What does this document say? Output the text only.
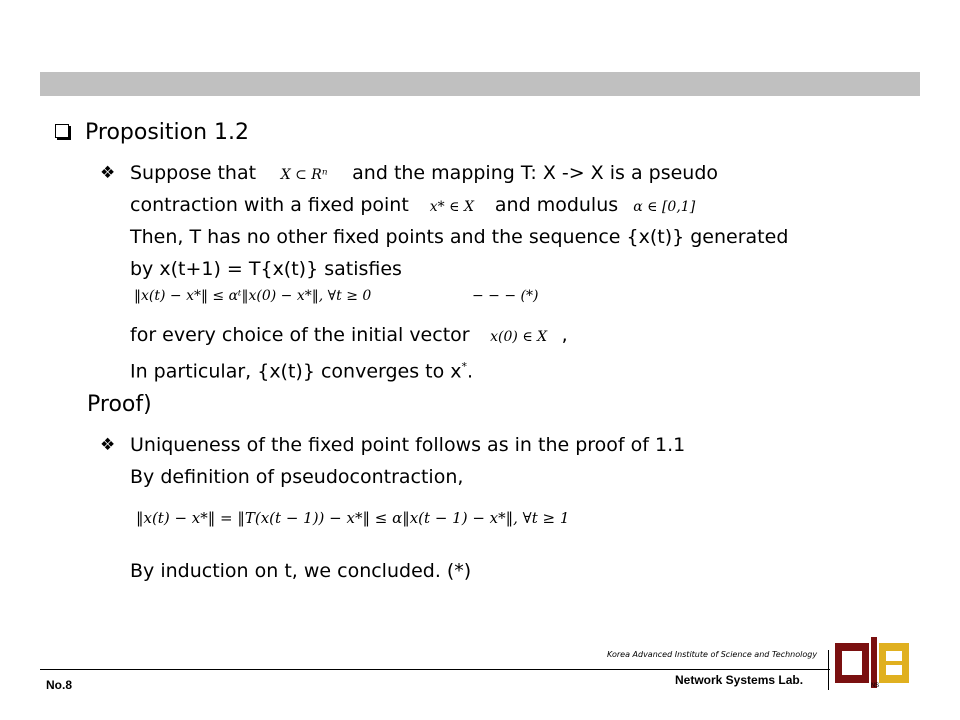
Proposition 1.2
❖ Suppose that X ⊂ Rⁿ and the mapping T: X -> X is a pseudo
contraction with a fixed point x* ∈ X and modulus α ∈ [0,1]
Then, T has no other fixed points and the sequence {x(t)} generated
by x(t+1) = T{x(t)} satisfies
‖x(t) − x*‖ ≤ αᵗ‖x(0) − x*‖, ∀t ≥ 0	− − − (*)
for every choice of the initial vector x(0) ∈ X ,
In particular, {x(t)} converges to x*.
Proof)
❖ Uniqueness of the fixed point follows as in the proof of 1.1
By definition of pseudocontraction,
‖x(t) − x*‖ = ‖T(x(t − 1)) − x*‖ ≤ α‖x(t − 1) − x*‖, ∀t ≥ 1
By induction on t, we concluded. (*)
Korea Advanced Institute of Science and Technology
Network Systems Lab.
No.8	NS
